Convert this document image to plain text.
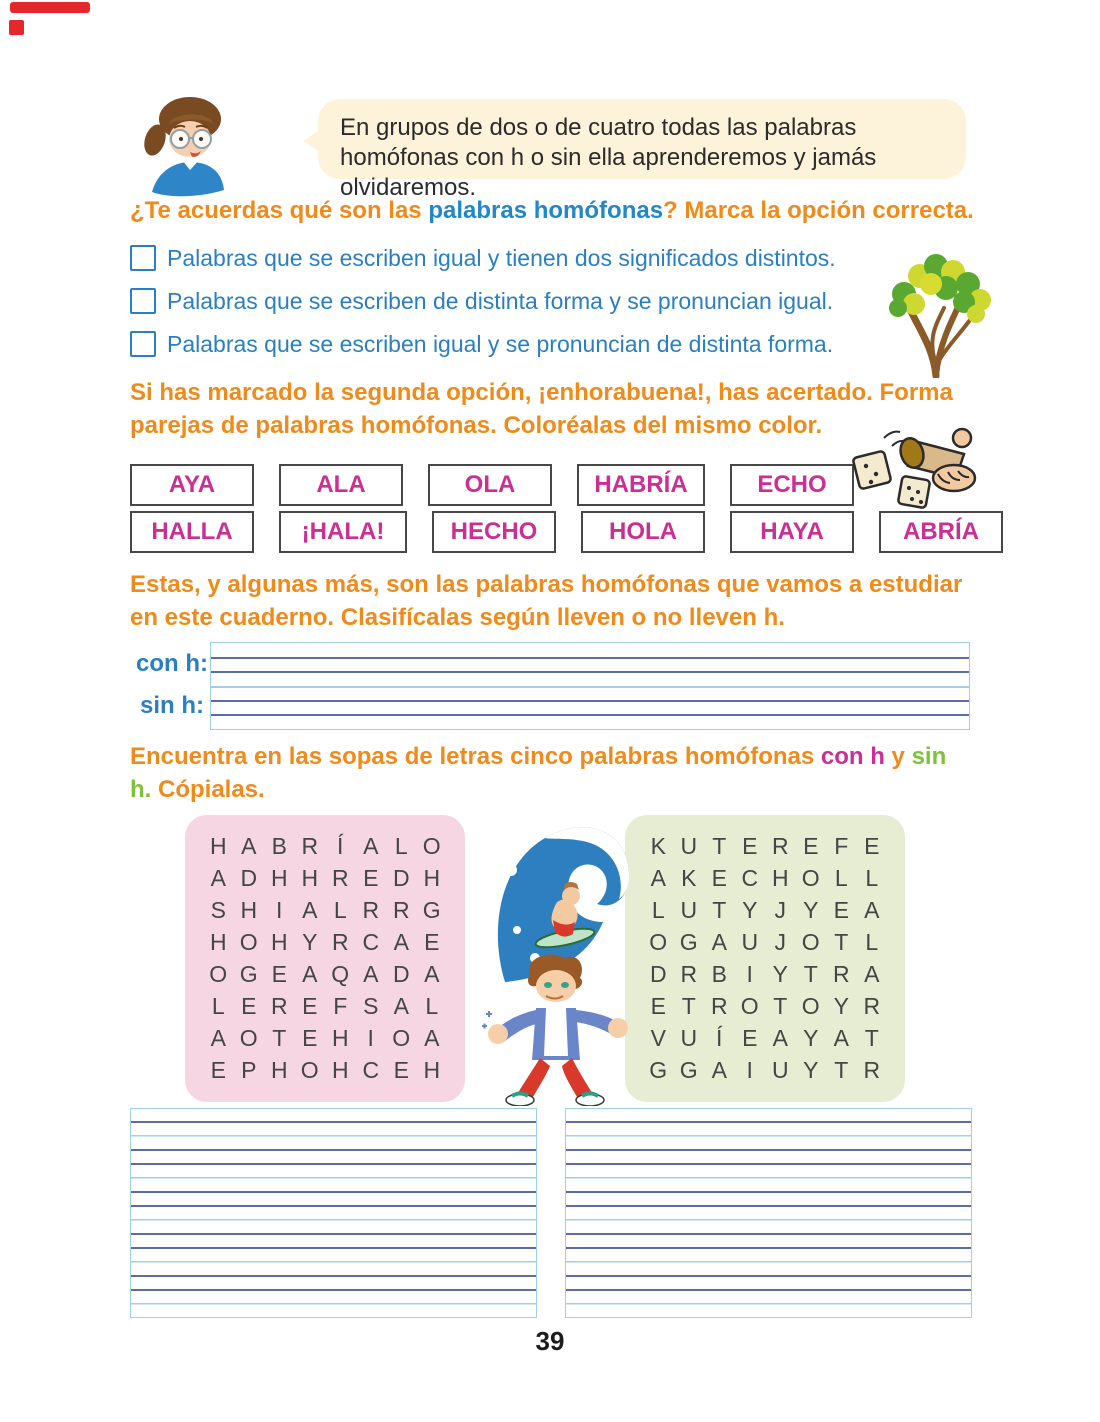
En grupos de dos o de cuatro todas las palabras homófonas con h o sin ella aprenderemos y jamás olvidaremos.
¿Te acuerdas qué son las palabras homófonas? Marca la opción correcta.
Palabras que se escriben igual y tienen dos significados distintos.
Palabras que se escriben de distinta forma y se pronuncian igual.
Palabras que se escriben igual y se pronuncian de distinta forma.
Si has marcado la segunda opción, ¡enhorabuena!, has acertado. Forma parejas de palabras homófonas. Coloréalas del mismo color.
AYA	ALA	OLA	HABRÍA	ECHO
HALLA	¡HALA!	HECHO	HOLA	HAYA	ABRÍA
Estas, y algunas más, son las palabras homófonas que vamos a estudiar en este cuaderno. Clasifícalas según lleven o no lleven h.
con h:
sin h:
Encuentra en las sopas de letras cinco palabras homófonas con h y sin
h. Cópialas.
H A B R Í A L O
A D H H R E D H
S H I A L R R G
H O H Y R C A E
O G E A Q A D A
L E R E F S A L
A O T E H I O A
E P H O H C E H
K U T E R E F E
A K E C H O L L
L U T Y J Y E A
O G A U J O T L
D R B I Y T R A
E T R O T O Y R
V U Í E A Y A T
G G A I U Y T R
39
